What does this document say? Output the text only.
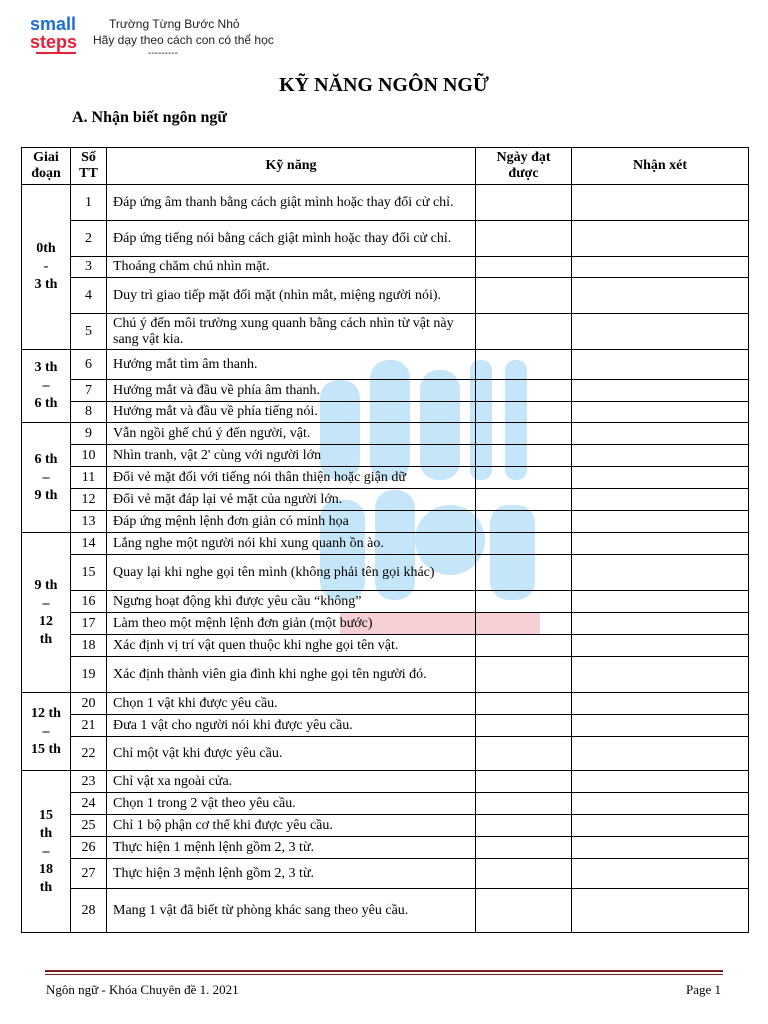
small
steps
Trường Từng Bước Nhỏ
Hãy dạy theo cách con có thể học
---------
KỸ NĂNG NGÔN NGỮ
A. Nhận biết ngôn ngữ
Giai đoạn	Số TT	Kỹ năng	Ngày đạt được	Nhận xét
0th
-
3 th	1	Đáp ứng âm thanh bằng cách giật mình hoặc thay đổi cử chỉ.		
	2	Đáp ứng tiếng nói bằng cách giật mình hoặc thay đổi cử chỉ.		
	3	Thoáng chăm chú nhìn mặt.		
	4	Duy trì giao tiếp mặt đối mặt (nhìn mắt, miệng người nói).		
	5	Chú ý đến môi trường xung quanh bằng cách nhìn từ vật này sang vật kia.		
3 th
–
6 th	6	Hướng mắt tìm âm thanh.		
	7	Hướng mắt và đầu về phía âm thanh.		
	8	Hướng mắt và đầu về phía tiếng nói.		
6 th
–
9 th	9	Vẫn ngồi ghế chú ý đến người, vật.		
	10	Nhìn tranh, vật 2' cùng với người lớn		
	11	Đổi vẻ mặt đối với tiếng nói thân thiện hoặc giận dữ		
	12	Đổi vẻ mặt đáp lại vẻ mặt của người lớn.		
	13	Đáp ứng mệnh lệnh đơn giản có minh họa		
9 th
–
12
th	14	Lắng nghe một người nói khi xung quanh ồn ào.		
	15	Quay lại khi nghe gọi tên mình (không phải tên gọi khác)		
	16	Ngưng hoạt động khi được yêu cầu “không”		
	17	Làm theo một mệnh lệnh đơn giản (một bước)		
	18	Xác định vị trí vật quen thuộc khi nghe gọi tên vật.		
	19	Xác định thành viên gia đình khi nghe gọi tên người đó.		
12 th
–
15 th	20	Chọn 1 vật khi được yêu cầu.		
	21	Đưa 1 vật cho người nói khi được yêu cầu.		
	22	Chỉ một vật khi được yêu cầu.		
15
th
–
18
th	23	Chỉ vật xa ngoài cửa.		
	24	Chọn 1 trong 2 vật theo yêu cầu.		
	25	Chỉ 1 bộ phận cơ thể khi được yêu cầu.		
	26	Thực hiện 1 mệnh lệnh gồm 2, 3 từ.		
	27	Thực hiện 3 mệnh lệnh gồm 2, 3 từ.		
	28	Mang 1 vật đã biết từ phòng khác sang theo yêu cầu.		
Ngôn ngữ - Khóa Chuyên đề 1. 2021	Page 1
